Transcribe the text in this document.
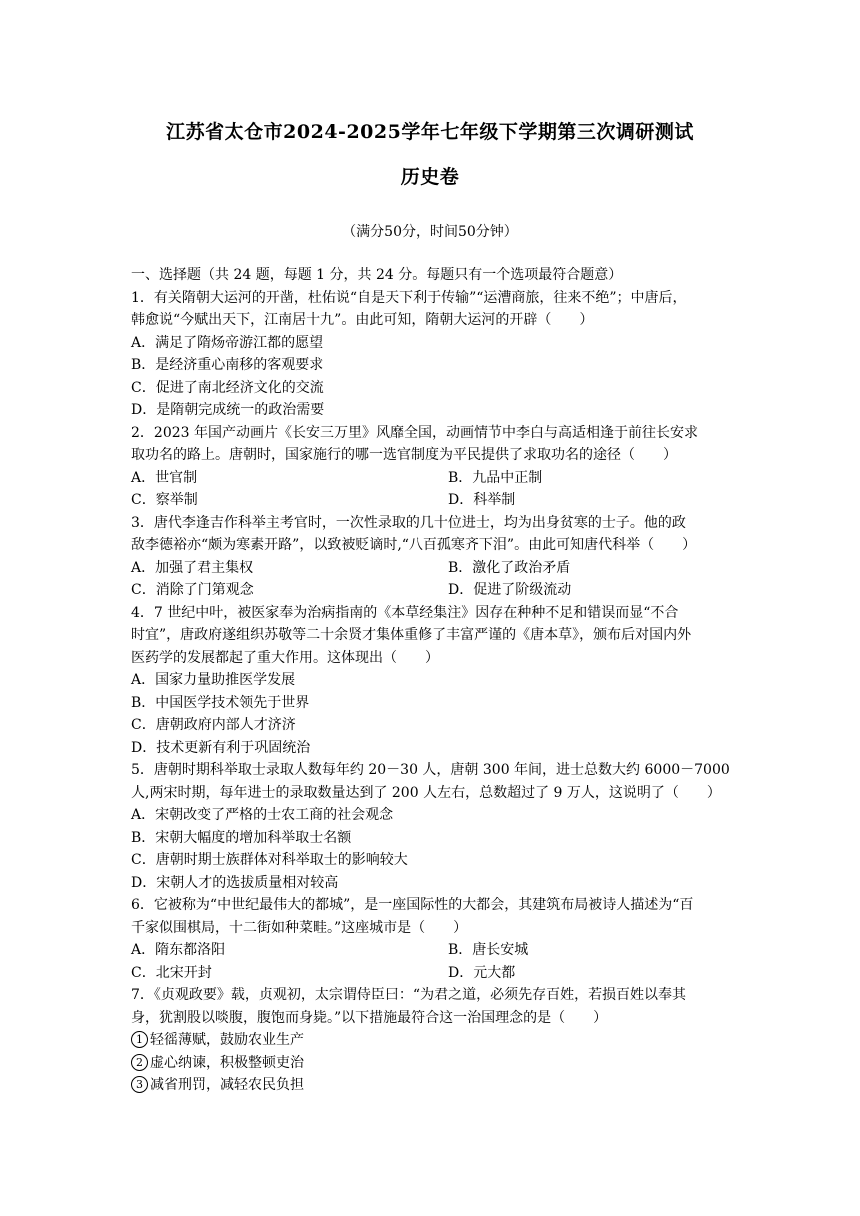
江苏省太仓市2024-2025学年七年级下学期第三次调研测试
历史卷
（满分50分，时间50分钟）
一、选择题（共 24 题，每题 1 分，共 24 分。每题只有一个选项最符合题意）
1．有关隋朝大运河的开凿，杜佑说“自是天下利于传输”“运漕商旅，往来不绝”；中唐后，
韩愈说“今赋出天下，江南居十九”。由此可知，隋朝大运河的开辟（　　）
A．满足了隋炀帝游江都的愿望
B．是经济重心南移的客观要求
C．促进了南北经济文化的交流
D．是隋朝完成统一的政治需要
2．2023 年国产动画片《长安三万里》风靡全国，动画情节中李白与高适相逢于前往长安求
取功名的路上。唐朝时，国家施行的哪一选官制度为平民提供了求取功名的途径（　　）
A．世官制	B．九品中正制
C．察举制	D．科举制
3．唐代李逢吉作科举主考官时，一次性录取的几十位进士，均为出身贫寒的士子。他的政
敌李德裕亦“颇为寒素开路”，以致被贬谪时,“八百孤寒齐下泪”。由此可知唐代科举（　　）
A．加强了君主集权	B．激化了政治矛盾
C．消除了门第观念	D．促进了阶级流动
4．7 世纪中叶，被医家奉为治病指南的《本草经集注》因存在种种不足和错误而显“不合
时宜”，唐政府遂组织苏敬等二十余贤才集体重修了丰富严谨的《唐本草》，颁布后对国内外
医药学的发展都起了重大作用。这体现出（　　）
A．国家力量助推医学发展
B．中国医学技术领先于世界
C．唐朝政府内部人才济济
D．技术更新有利于巩固统治
5．唐朝时期科举取士录取人数每年约 20－30 人，唐朝 300 年间，进士总数大约 6000－7000
人,两宋时期，每年进士的录取数量达到了 200 人左右，总数超过了 9 万人，这说明了（　　）
A．宋朝改变了严格的士农工商的社会观念
B．宋朝大幅度的增加科举取士名额
C．唐朝时期士族群体对科举取士的影响较大
D．宋朝人才的选拔质量相对较高
6．它被称为“中世纪最伟大的都城”，是一座国际性的大都会，其建筑布局被诗人描述为“百
千家似围棋局，十二街如种菜畦。”这座城市是（　　）
A．隋东都洛阳	B．唐长安城
C．北宋开封	D．元大都
7．《贞观政要》载，贞观初，太宗谓侍臣曰：“为君之道，必须先存百姓，若损百姓以奉其
身，犹割股以啖腹，腹饱而身毙。”以下措施最符合这一治国理念的是（　　）
1 轻徭薄赋，鼓励农业生产
2 虚心纳谏，积极整顿吏治
3 减省刑罚，减轻农民负担
